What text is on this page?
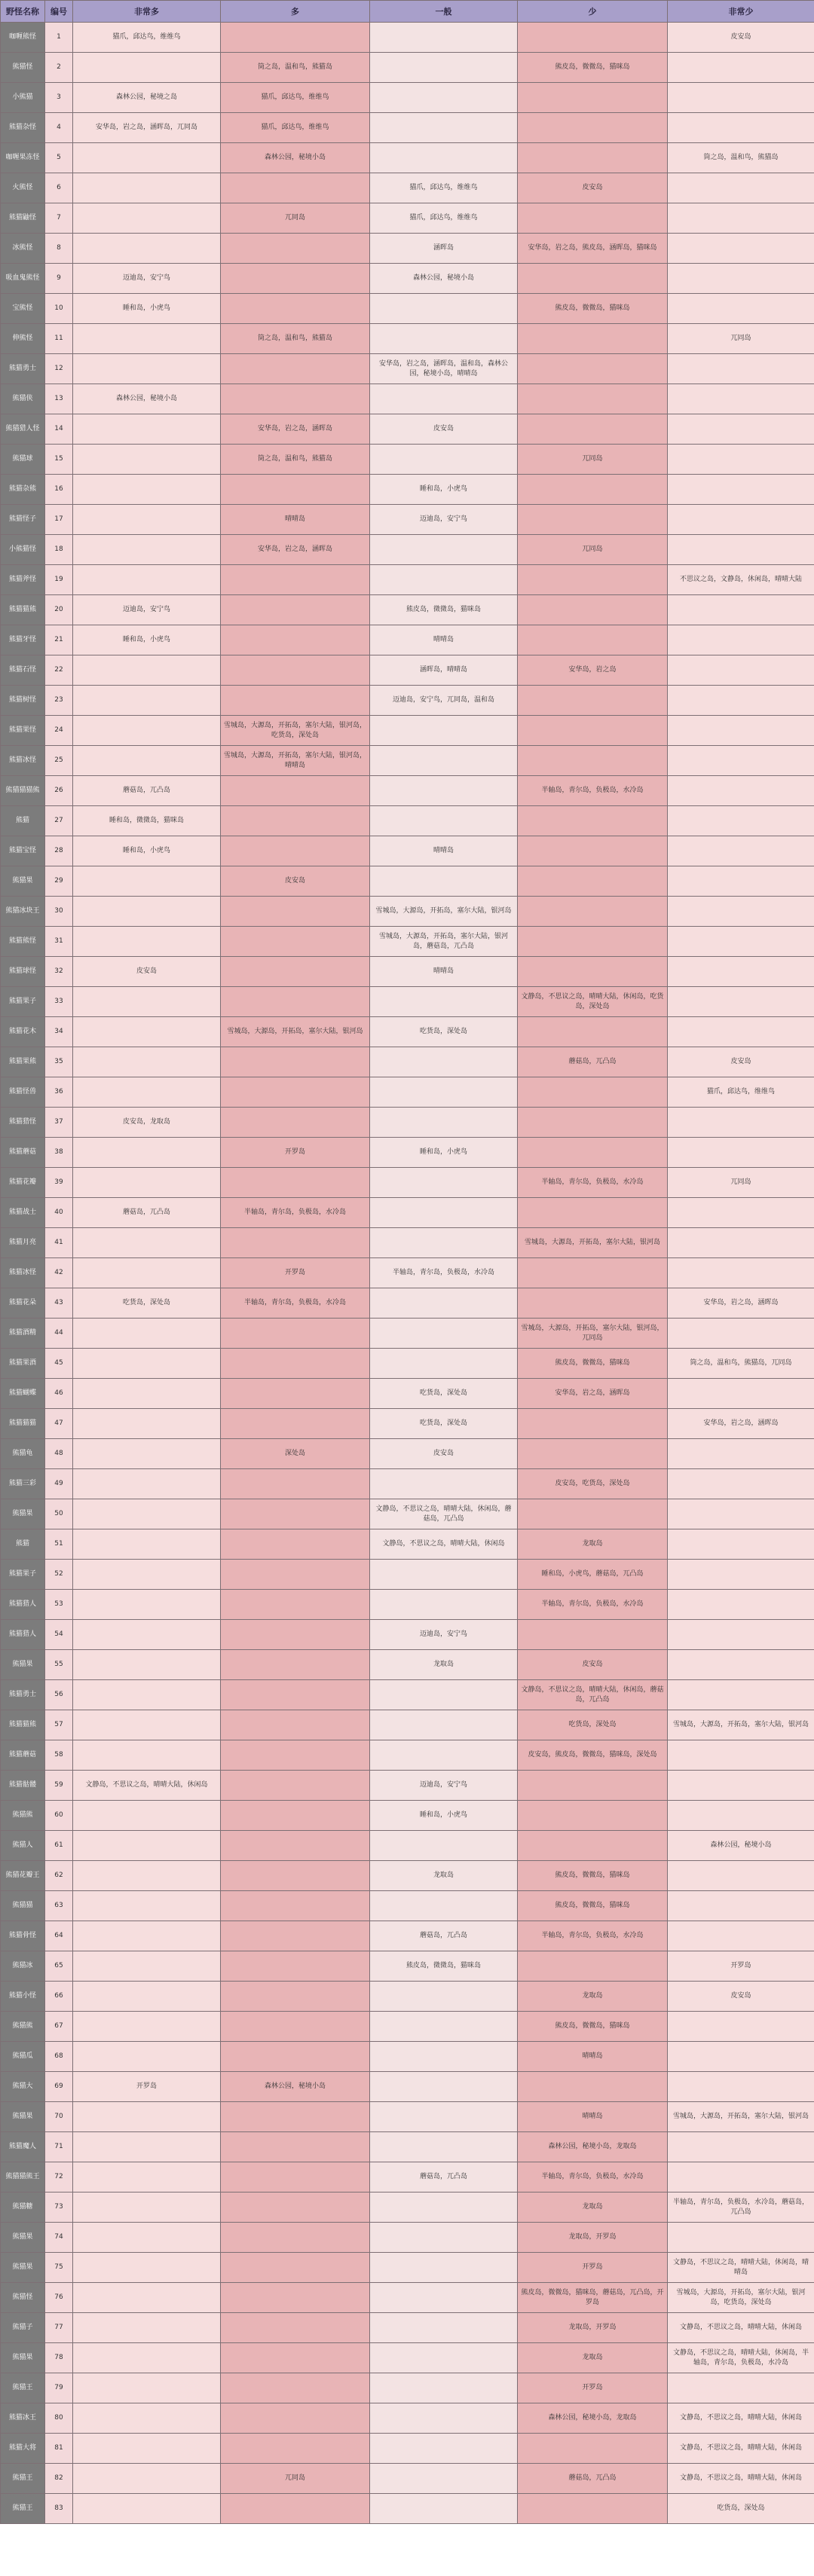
野怪名称	编号	非常多	多	一般	少	非常少
咖喱熊怪	1	猫爪，邱达鸟，维维鸟				皮安岛
熊猫怪	2		筒之岛，温和鸟，熊猫岛		熊皮岛，微微岛，猫咪岛	
小熊猫	3	森林公园，秘境之岛	猫爪，邱达鸟，维维鸟			
熊猫杂怪	4	安华岛，岩之岛，涵晖岛，兀同岛	猫爪，邱达鸟，维维鸟			
咖喱果冻怪	5		森林公园，秘境小岛			筒之岛，温和鸟，熊猫岛
火熊怪	6			猫爪，邱达鸟，维维鸟	皮安岛	
熊猫鼬怪	7		兀同岛	猫爪，邱达鸟，维维鸟		
冰熊怪	8			涵晖岛	安华岛，岩之岛，熊皮岛，涵晖岛，猫咪岛	
吸血鬼熊怪	9	迈迪岛，安宁鸟		森林公园，秘境小岛		
宝熊怪	10	睡和岛，小虎鸟			熊皮岛，微微岛，猫咪岛	
伸熊怪	11		筒之岛，温和鸟，熊猫岛			兀同岛
熊猫勇士	12			安华岛，岩之岛，涵晖岛，温和岛，森林公园，秘境小岛，晴晴岛		
熊猫侠	13	森林公园，秘境小岛				
熊猫猎人怪	14		安华岛，岩之岛，涵晖岛	皮安岛		
熊猫球	15		筒之岛，温和鸟，熊猫岛		兀同岛	
熊猫杂熊	16			睡和岛，小虎鸟		
熊猫怪子	17		晴晴岛	迈迪岛，安宁鸟		
小熊猫怪	18		安华岛，岩之岛，涵晖岛		兀同岛	
熊猫斧怪	19					不思议之岛，文静岛，休闲岛，晴晴大陆
熊猫猫熊	20	迈迪岛，安宁鸟		熊皮岛，微微岛，猫咪岛		
熊猫牙怪	21	睡和岛，小虎鸟		晴晴岛		
熊猫石怪	22			涵晖岛，晴晴岛	安华岛，岩之岛	
熊猫树怪	23			迈迪岛，安宁鸟，兀同岛，温和岛		
熊猫果怪	24		雪城岛，大源岛，开拓岛，塞尔大陆，银河岛，吃货岛，深处岛			
熊猫冰怪	25		雪城岛，大源岛，开拓岛，塞尔大陆，银河岛，晴晴岛			
熊猫猫猫熊	26	蘑菇岛，兀凸岛			半轴岛，青尔岛，负极岛，水冷岛	
熊猫	27	睡和岛，微微岛，猫咪岛				
熊猫宝怪	28	睡和岛，小虎鸟		晴晴岛		
熊猫果	29		皮安岛			
熊猫冰块王	30			雪城岛，大源岛，开拓岛，塞尔大陆，银河岛		
熊猫熊怪	31			雪城岛，大源岛，开拓岛，塞尔大陆，银河岛，蘑菇岛，兀凸岛		
熊猫球怪	32	皮安岛		晴晴岛		
熊猫果子	33				文静岛，不思议之岛，晴晴大陆，休闲岛，吃货岛，深处岛	
熊猫花木	34		雪城岛，大源岛，开拓岛，塞尔大陆，银河岛	吃货岛，深处岛		
熊猫果熊	35				蘑菇岛，兀凸岛	皮安岛
熊猫怪兽	36					猫爪，邱达鸟，维维鸟
熊猫猎怪	37	皮安岛，龙取岛				
熊猫蘑菇	38		开罗岛	睡和岛，小虎鸟		
熊猫花瓣	39				半轴岛，青尔岛，负极岛，水冷岛	兀同岛
熊猫战士	40	蘑菇岛，兀凸岛	半轴岛，青尔岛，负极岛，水冷岛			
熊猫月亮	41				雪城岛，大源岛，开拓岛，塞尔大陆，银河岛	
熊猫冰怪	42		开罗岛	半轴岛，青尔岛，负极岛，水冷岛		
熊猫花朵	43	吃货岛，深处岛	半轴岛，青尔岛，负极岛，水冷岛			安华岛，岩之岛，涵晖岛
熊猫酒精	44				雪城岛，大源岛，开拓岛，塞尔大陆，银河岛，兀同岛	
熊猫果酒	45				熊皮岛，微微岛，猫咪岛	筒之岛，温和鸟，熊猫岛，兀同岛
熊猫蝴蝶	46			吃货岛，深处岛	安华岛，岩之岛，涵晖岛	
熊猫猫猫	47			吃货岛，深处岛		安华岛，岩之岛，涵晖岛
熊猫龟	48		深处岛	皮安岛		
熊猫三彩	49				皮安岛，吃货岛，深处岛	
熊猫果	50			文静岛，不思议之岛，晴晴大陆，休闲岛，蘑菇岛，兀凸岛		
熊猫	51			文静岛，不思议之岛，晴晴大陆，休闲岛	龙取岛	
熊猫果子	52				睡和岛，小虎鸟，蘑菇岛，兀凸岛	
熊猫猎人	53				半轴岛，青尔岛，负极岛，水冷岛	
熊猫猎人	54			迈迪岛，安宁鸟		
熊猫果	55			龙取岛	皮安岛	
熊猫勇士	56				文静岛，不思议之岛，晴晴大陆，休闲岛，蘑菇岛，兀凸岛	
熊猫猫熊	57				吃货岛，深处岛	雪城岛，大源岛，开拓岛，塞尔大陆，银河岛
熊猫蘑菇	58				皮安岛，熊皮岛，微微岛，猫咪岛，深处岛	
熊猫骷髅	59	文静岛，不思议之岛，晴晴大陆，休闲岛		迈迪岛，安宁鸟		
熊猫熊	60			睡和岛，小虎鸟		
熊猫人	61					森林公园，秘境小岛
熊猫花瓣王	62			龙取岛	熊皮岛，微微岛，猫咪岛	
熊猫猫	63				熊皮岛，微微岛，猫咪岛	
熊猫骨怪	64			蘑菇岛，兀凸岛	半轴岛，青尔岛，负极岛，水冷岛	
熊猫冰	65			熊皮岛，微微岛，猫咪岛		开罗岛
熊猫小怪	66				龙取岛	皮安岛
熊猫熊	67				熊皮岛，微微岛，猫咪岛	
熊猫瓜	68				晴晴岛	
熊猫大	69	开罗岛	森林公园，秘境小岛			
熊猫果	70				晴晴岛	雪城岛，大源岛，开拓岛，塞尔大陆，银河岛
熊猫魔人	71				森林公园，秘境小岛，龙取岛	
熊猫猫熊王	72			蘑菇岛，兀凸岛	半轴岛，青尔岛，负极岛，水冷岛	
熊猫糖	73				龙取岛	半轴岛，青尔岛，负极岛，水冷岛，蘑菇岛，兀凸岛
熊猫果	74				龙取岛，开罗岛	
熊猫果	75				开罗岛	文静岛，不思议之岛，晴晴大陆，休闲岛，晴晴岛
熊猫怪	76				熊皮岛，微微岛，猫咪岛，蘑菇岛，兀凸岛，开罗岛	雪城岛，大源岛，开拓岛，塞尔大陆，银河岛，吃货岛，深处岛
熊猫子	77				龙取岛，开罗岛	文静岛，不思议之岛，晴晴大陆，休闲岛
熊猫果	78				龙取岛	文静岛，不思议之岛，晴晴大陆，休闲岛，半轴岛，青尔岛，负极岛，水冷岛
熊猫王	79				开罗岛	
熊猫冰王	80				森林公园，秘境小岛，龙取岛	文静岛，不思议之岛，晴晴大陆，休闲岛
熊猫大将	81					文静岛，不思议之岛，晴晴大陆，休闲岛
熊猫王	82		兀同岛		蘑菇岛，兀凸岛	文静岛，不思议之岛，晴晴大陆，休闲岛
熊猫王	83					吃货岛，深处岛
